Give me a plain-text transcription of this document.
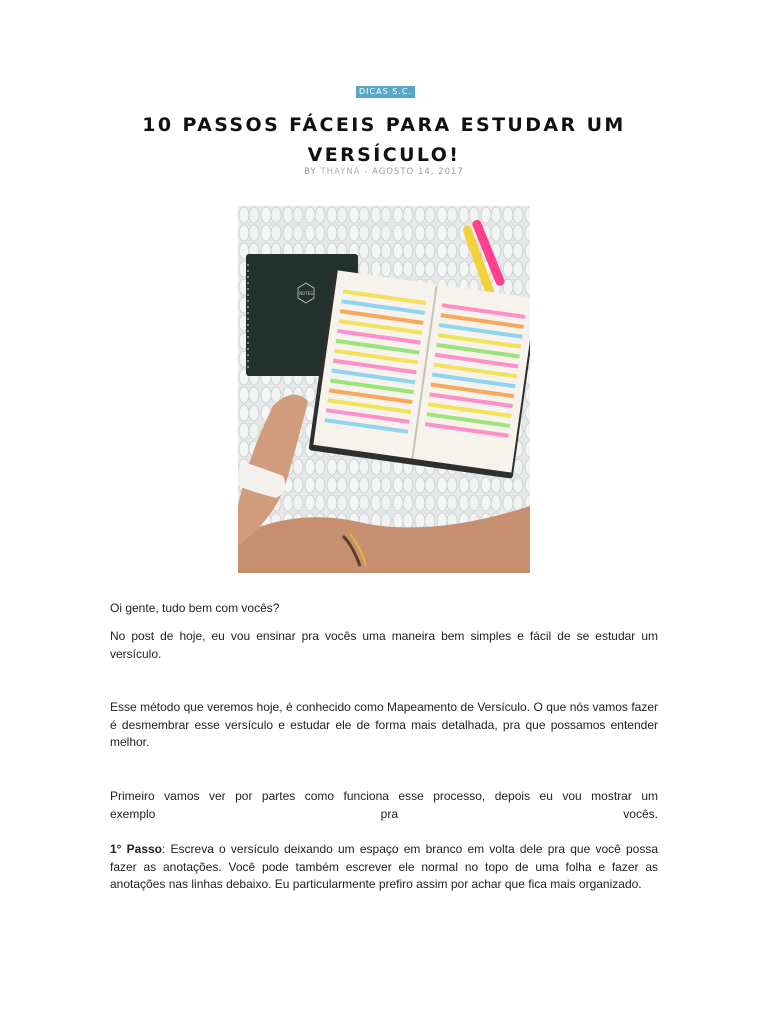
DICAS S.C.
10 PASSOS FÁCEIS PARA ESTUDAR UM VERSÍCULO!
BY THAYNÁ - AGOSTO 14, 2017
NOTES

Oi gente, tudo bem com vocês?

No post de hoje, eu vou ensinar pra vocês uma maneira bem simples e fácil de se estudar um versículo.

Esse método que veremos hoje, é conhecido como Mapeamento de Versículo. O que nós vamos fazer é desmembrar esse versículo e estudar ele de forma mais detalhada, pra que possamos entender melhor.

Primeiro vamos ver por partes como funciona esse processo, depois eu vou mostrar um
exemplo	pra	vocês.

1° Passo: Escreva o versículo deixando um espaço em branco em volta dele pra que você possa fazer as anotações. Você pode também escrever ele normal no topo de uma folha e fazer as anotações nas linhas debaixo. Eu particularmente prefiro assim por achar que fica mais organizado.
